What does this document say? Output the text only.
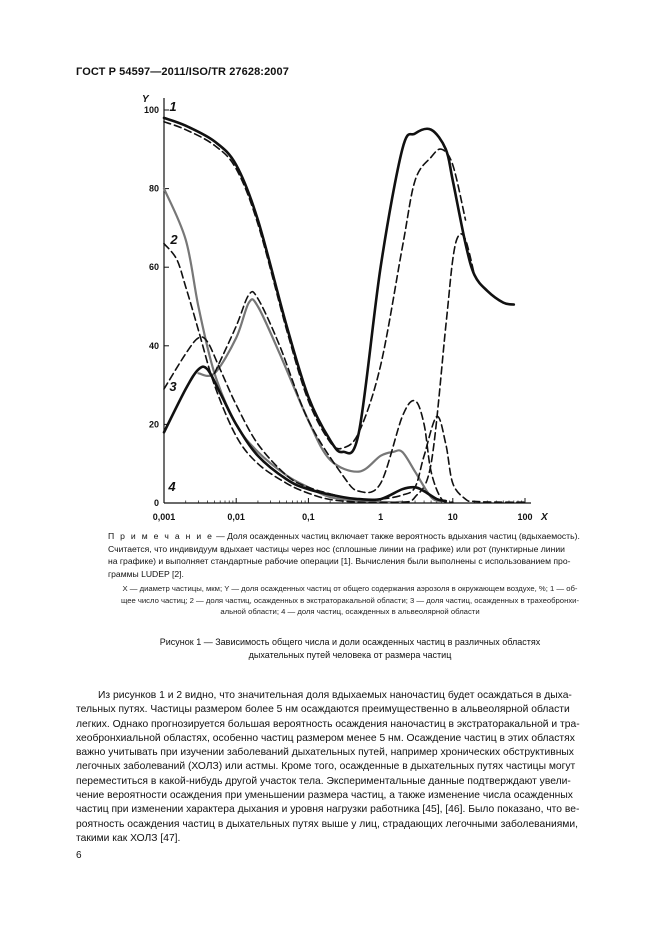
ГОСТ Р 54597—2011/ISO/TR 27628:2007
0,001	0,01	0,1	1	10	100
0
20
40
60
80
100
X
Y 1
2
3
4
П р и м е ч а н и е — Доля осажденных частиц включает также вероятность вдыхания частиц (вдыхаемость).
Считается, что индивидуум вдыхает частицы через нос (сплошные линии на графике) или рот (пунктирные линии
на графике) и выполняет стандартные рабочие операции [1]. Вычисления были выполнены с использованием про-
граммы LUDEP [2].
X — диаметр частицы, мкм; Y — доля осажденных частиц от общего содержания аэрозоля в окружающем воздухе, %; 1 — об-
щее число частиц; 2 — доля частиц, осажденных в экстраторакальной области; 3 — доля частиц, осажденных в трахеобронхи-
альной области; 4 — доля частиц, осажденных в альвеолярной области
Рисунок 1 — Зависимость общего числа и доли осажденных частиц в различных областях
дыхательных путей человека от размера частиц
Из рисунков 1 и 2 видно, что значительная доля вдыхаемых наночастиц будет осаждаться в дыха-
тельных путях. Частицы размером более 5 нм осаждаются преимущественно в альвеолярной области
легких. Однако прогнозируется большая вероятность осаждения наночастиц в экстраторакальной и тра-
хеобронхиальной областях, особенно частиц размером менее 5 нм. Осаждение частиц в этих областях
важно учитывать при изучении заболеваний дыхательных путей, например хронических обструктивных
легочных заболеваний (ХОЛЗ) или астмы. Кроме того, осажденные в дыхательных путях частицы могут
переместиться в какой-нибудь другой участок тела. Экспериментальные данные подтверждают увели-
чение вероятности осаждения при уменьшении размера частиц, а также изменение числа осажденных
частиц при изменении характера дыхания и уровня нагрузки работника [45], [46]. Было показано, что ве-
роятность осаждения частиц в дыхательных путях выше у лиц, страдающих легочными заболеваниями,
такими как ХОЛЗ [47].
6
